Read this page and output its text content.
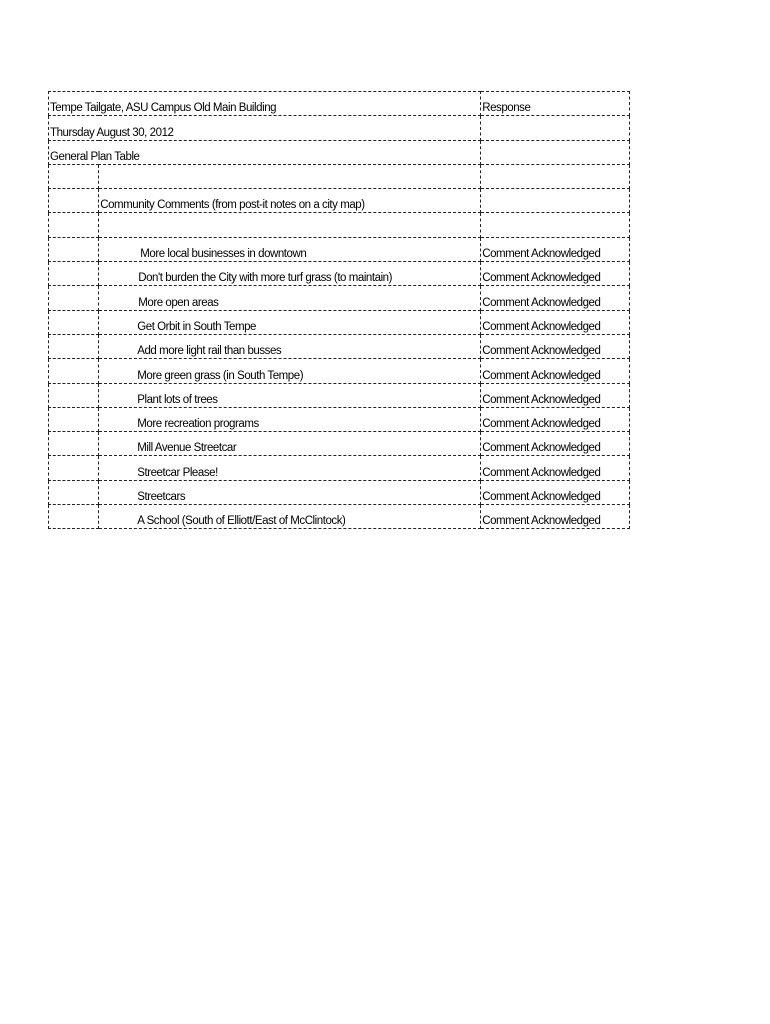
Tempe Tailgate, ASU Campus Old Main Building		Response
Thursday August 30, 2012		
General Plan Table		

	Community Comments (from post-it notes on a city map)	

	More local businesses in downtown	Comment Acknowledged
	Don't burden the City with more turf grass (to maintain)	Comment Acknowledged
	More open areas	Comment Acknowledged
	Get Orbit in South Tempe	Comment Acknowledged
	Add more light rail than busses	Comment Acknowledged
	More green grass (in South Tempe)	Comment Acknowledged
	Plant lots of trees	Comment Acknowledged
	More recreation programs	Comment Acknowledged
	Mill Avenue Streetcar	Comment Acknowledged
	Streetcar Please!	Comment Acknowledged
	Streetcars	Comment Acknowledged
	A School (South of Elliott/East of McClintock)	Comment Acknowledged
